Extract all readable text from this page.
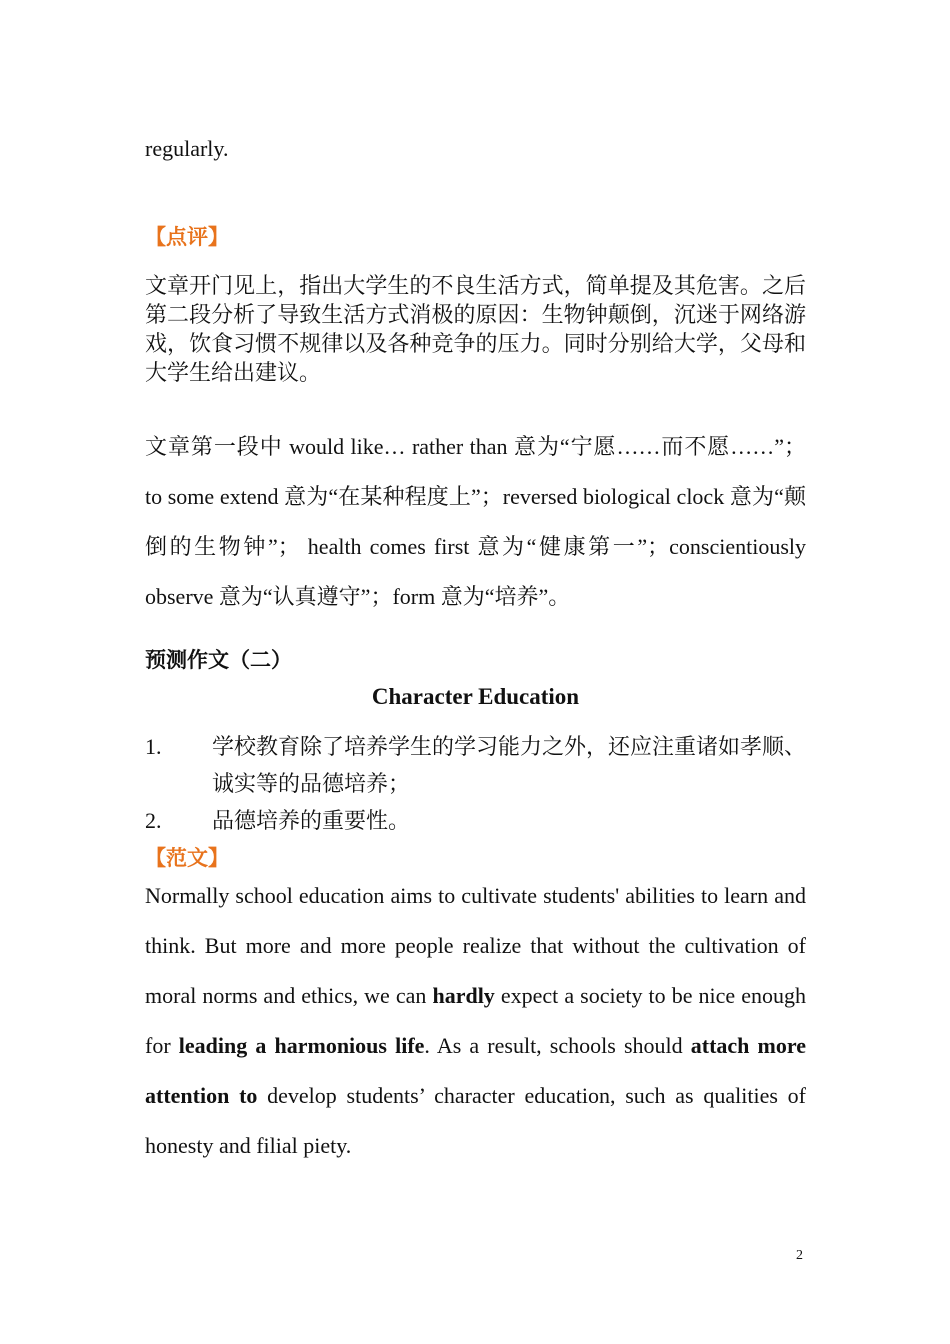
regularly.
【点评】
文章开门见上，指出大学生的不良生活方式，简单提及其危害。之后第二段分析了导致生活方式消极的原因：生物钟颠倒，沉迷于网络游戏，饮食习惯不规律以及各种竞争的压力。同时分别给大学，父母和大学生给出建议。
文章第一段中 would like… rather than 意为“宁愿……而不愿……”； to some extend 意为“在某种程度上”；reversed biological clock 意为“颠倒的生物钟”； health comes first 意为“健康第一”；conscientiously observe 意为“认真遵守”；form 意为“培养”。
预测作文（二）
Character Education
1.	学校教育除了培养学生的学习能力之外，还应注重诸如孝顺、诚实等的品德培养；
2.	品德培养的重要性。
【范文】
Normally school education aims to cultivate students' abilities to learn and think. But more and more people realize that without the cultivation of moral norms and ethics, we can hardly expect a society to be nice enough for leading a harmonious life. As a result, schools should attach more attention to develop students’ character education, such as qualities of honesty and filial piety.
2
